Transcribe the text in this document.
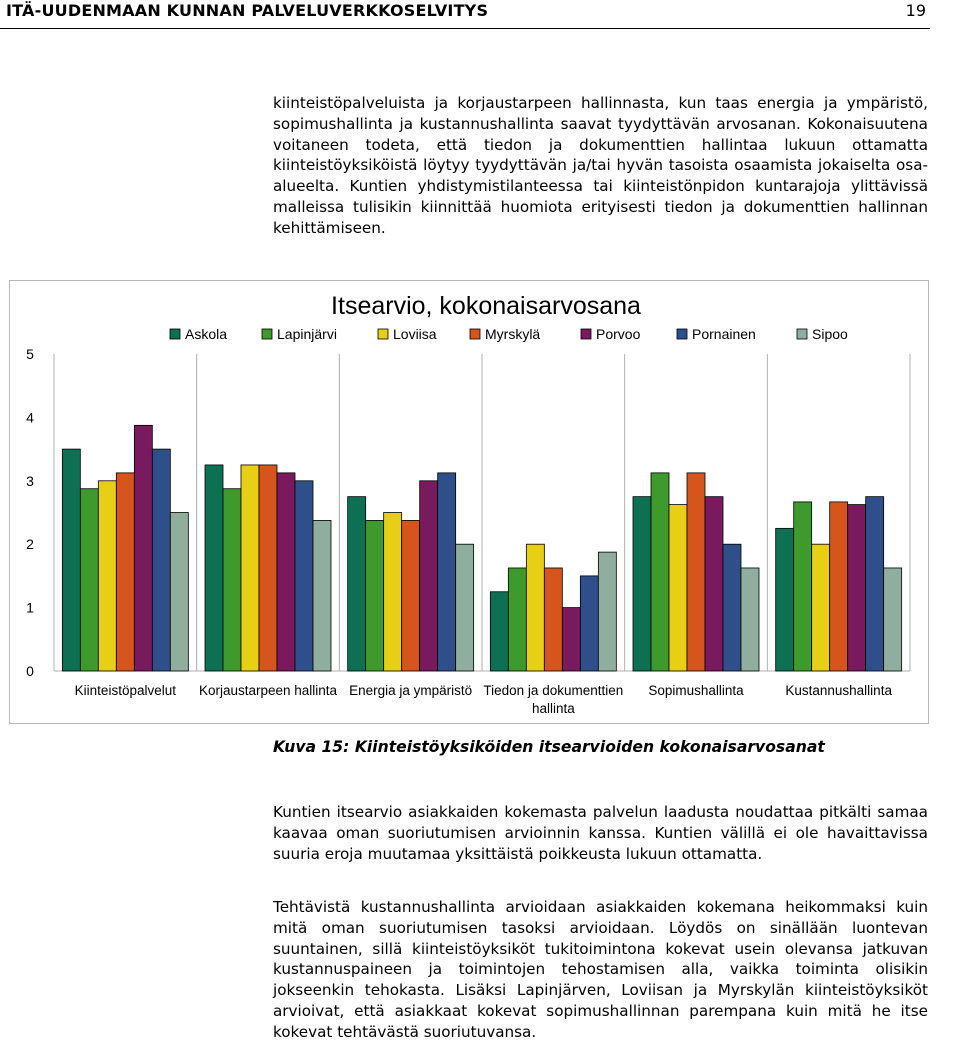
ITÄ-UUDENMAAN KUNNAN PALVELUVERKKOSELVITYS	19

kiinteistöpalveluista ja korjaustarpeen hallinnasta, kun taas energia ja ympäristö, sopimushallinta ja kustannushallinta saavat tyydyttävän arvosanan. Kokonaisuutena voitaneen todeta, että tiedon ja dokumenttien hallintaa lukuun ottamatta kiinteistöyksiköistä löytyy tyydyttävän ja/tai hyvän tasoista osaamista jokaiselta osa-alueelta. Kuntien yhdistymistilanteessa tai kiinteistönpidon kuntarajoja ylittävissä malleissa tulisikin kiinnittää huomiota erityisesti tiedon ja dokumenttien hallinnan kehittämiseen.

Itsearvio, kokonaisarvosana
Askola	Lapinjärvi	Loviisa	Myrskylä	Porvoo	Pornainen	Sipoo
0
1
2
3
4
5
Kiinteistöpalvelut Korjaustarpeen hallinta Energia ja ympäristö Tiedon ja dokumenttien hallinta
Sopimushallinta	Kustannushallinta
Kuva 15: Kiinteistöyksiköiden itsearvioiden kokonaisarvosanat

Kuntien itsearvio asiakkaiden kokemasta palvelun laadusta noudattaa pitkälti samaa kaavaa oman suoriutumisen arvioinnin kanssa. Kuntien välillä ei ole havaittavissa suuria eroja muutamaa yksittäistä poikkeusta lukuun ottamatta.

Tehtävistä kustannushallinta arvioidaan asiakkaiden kokemana heikommaksi kuin mitä oman suoriutumisen tasoksi arvioidaan. Löydös on sinällään luontevan suuntainen, sillä kiinteistöyksiköt tukitoimintona kokevat usein olevansa jatkuvan kustannuspaineen ja toimintojen tehostamisen alla, vaikka toiminta olisikin jokseenkin tehokasta. Lisäksi Lapinjärven, Loviisan ja Myrskylän kiinteistöyksiköt arvioivat, että asiakkaat kokevat sopimushallinnan parempana kuin mitä he itse kokevat tehtävästä suoriutuvansa.
